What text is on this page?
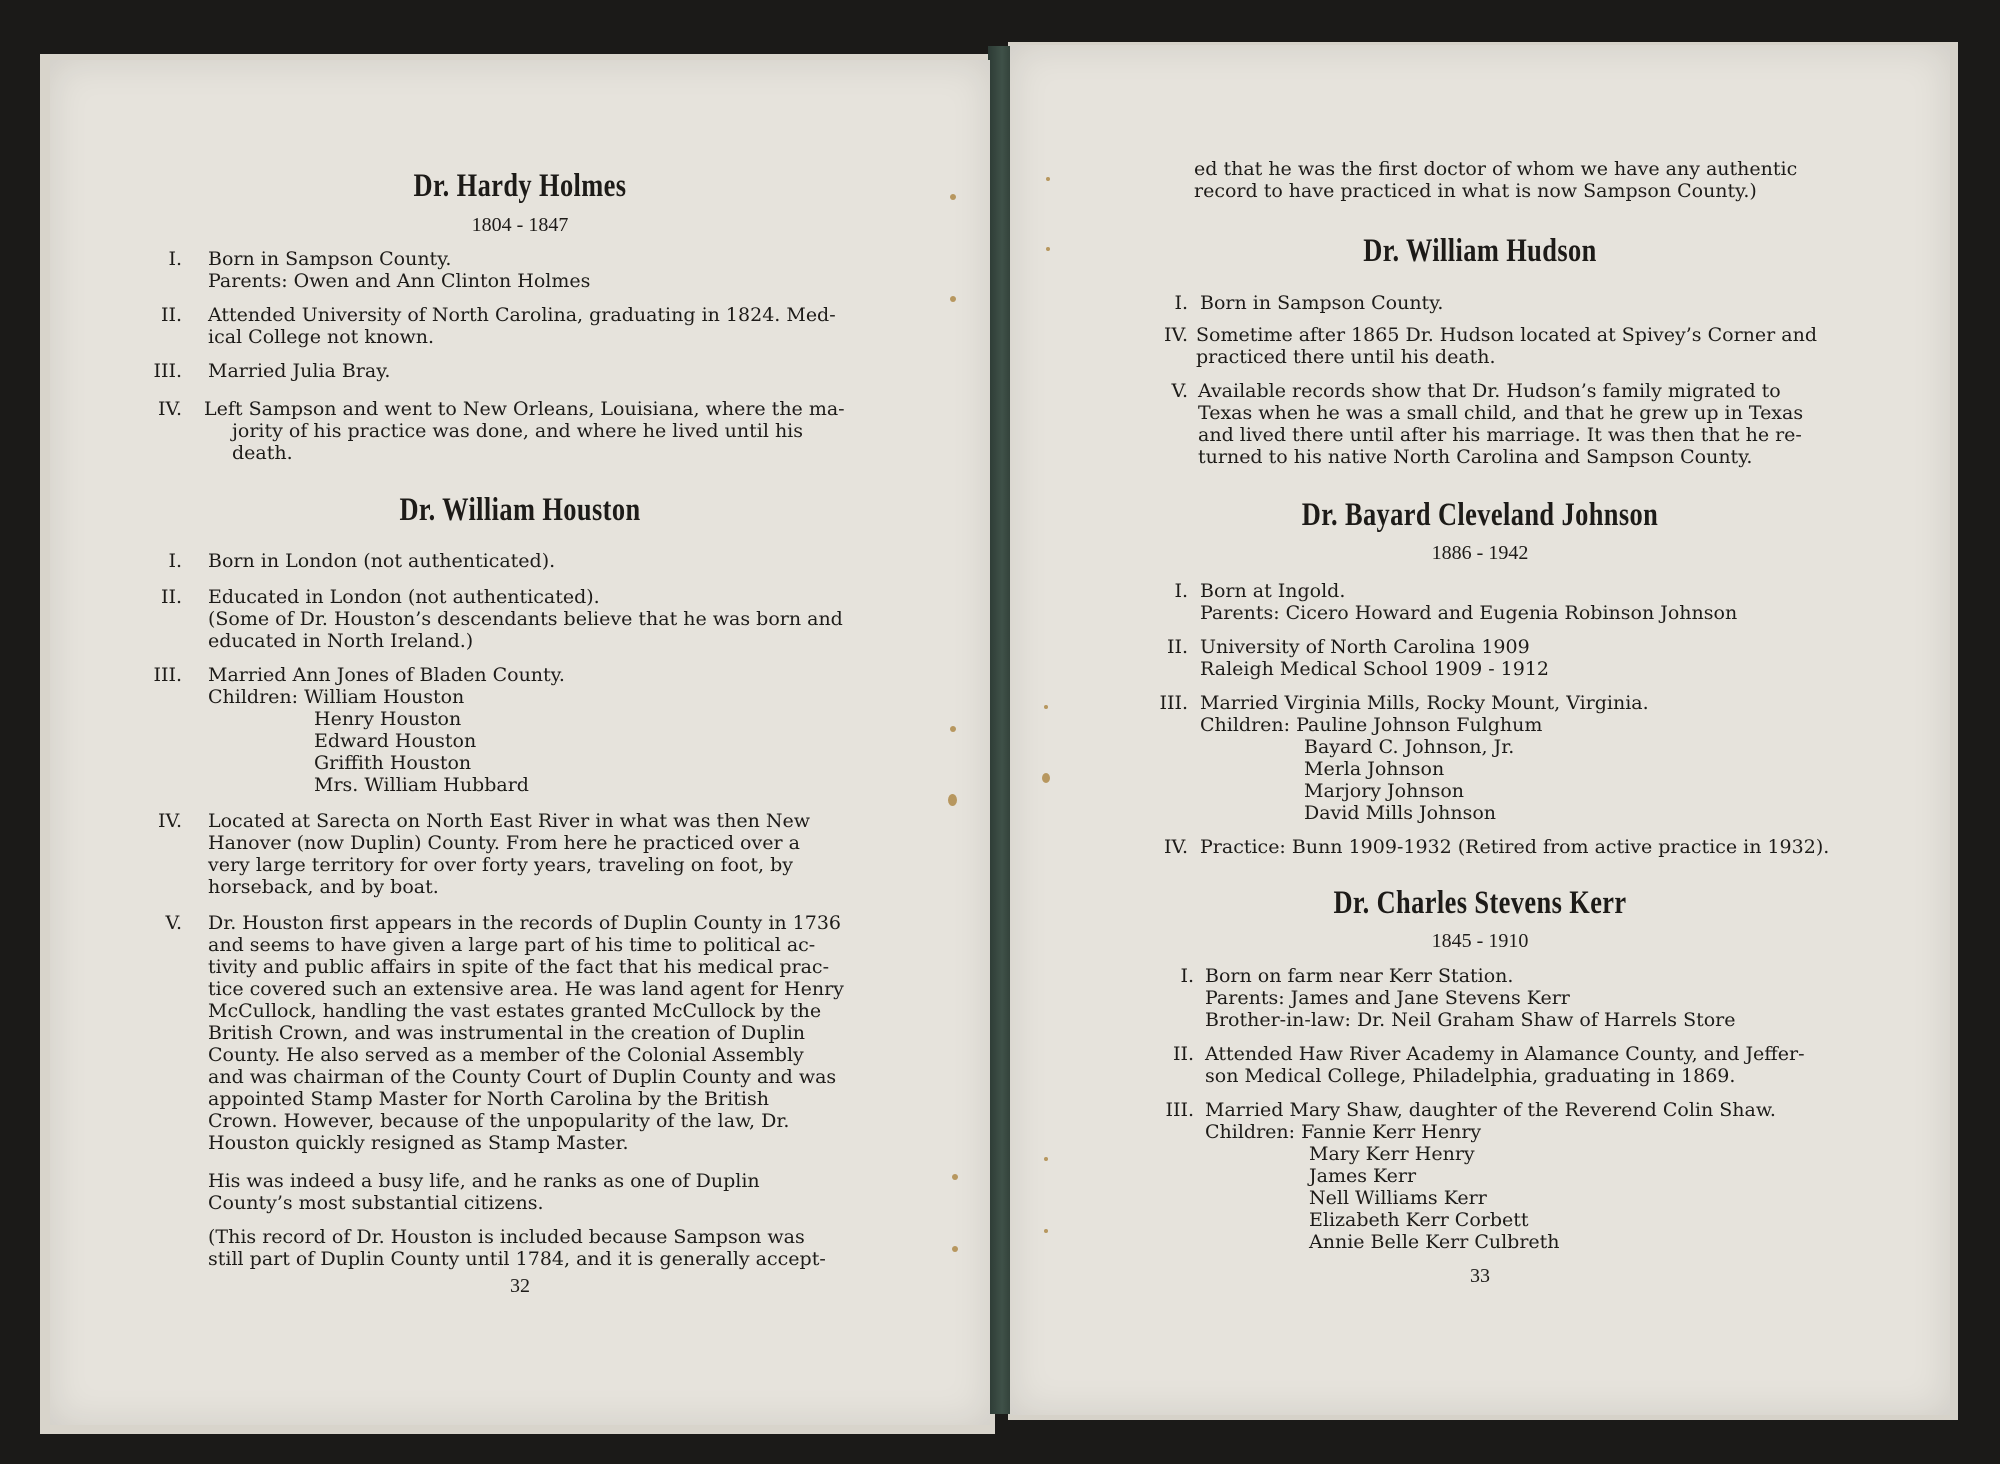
Dr. Hardy Holmes
1804 - 1847
I. Born in Sampson County.
Parents: Owen and Ann Clinton Holmes
II. Attended University of North Carolina, graduating in 1824. Med-
ical College not known.
III. Married Julia Bray.
IV. Left Sampson and went to New Orleans, Louisiana, where the ma-
jority of his practice was done, and where he lived until his
death.
Dr. William Houston
I. Born in London (not authenticated).
II. Educated in London (not authenticated).
(Some of Dr. Houston’s descendants believe that he was born and
educated in North Ireland.)
III. Married Ann Jones of Bladen County.
Children: William Houston
Henry Houston
Edward Houston
Griffith Houston
Mrs. William Hubbard
IV. Located at Sarecta on North East River in what was then New
Hanover (now Duplin) County. From here he practiced over a
very large territory for over forty years, traveling on foot, by
horseback, and by boat.
V. Dr. Houston first appears in the records of Duplin County in 1736
and seems to have given a large part of his time to political ac-
tivity and public affairs in spite of the fact that his medical prac-
tice covered such an extensive area. He was land agent for Henry
McCullock, handling the vast estates granted McCullock by the
British Crown, and was instrumental in the creation of Duplin
County. He also served as a member of the Colonial Assembly
and was chairman of the County Court of Duplin County and was
appointed Stamp Master for North Carolina by the British
Crown. However, because of the unpopularity of the law, Dr.
Houston quickly resigned as Stamp Master.
His was indeed a busy life, and he ranks as one of Duplin
County’s most substantial citizens.
(This record of Dr. Houston is included because Sampson was
still part of Duplin County until 1784, and it is generally accept-
32
ed that he was the first doctor of whom we have any authentic
record to have practiced in what is now Sampson County.)
Dr. William Hudson
I. Born in Sampson County.
IV. Sometime after 1865 Dr. Hudson located at Spivey’s Corner and
practiced there until his death.
V. Available records show that Dr. Hudson’s family migrated to
Texas when he was a small child, and that he grew up in Texas
and lived there until after his marriage. It was then that he re-
turned to his native North Carolina and Sampson County.
Dr. Bayard Cleveland Johnson
1886 - 1942
I. Born at Ingold.
Parents: Cicero Howard and Eugenia Robinson Johnson
II. University of North Carolina 1909
Raleigh Medical School 1909 - 1912
III. Married Virginia Mills, Rocky Mount, Virginia.
Children: Pauline Johnson Fulghum
Bayard C. Johnson, Jr.
Merla Johnson
Marjory Johnson
David Mills Johnson
IV. Practice: Bunn 1909-1932 (Retired from active practice in 1932).
Dr. Charles Stevens Kerr
1845 - 1910
I. Born on farm near Kerr Station.
Parents: James and Jane Stevens Kerr
Brother-in-law: Dr. Neil Graham Shaw of Harrels Store
II. Attended Haw River Academy in Alamance County, and Jeffer-
son Medical College, Philadelphia, graduating in 1869.
III. Married Mary Shaw, daughter of the Reverend Colin Shaw.
Children: Fannie Kerr Henry
Mary Kerr Henry
James Kerr
Nell Williams Kerr
Elizabeth Kerr Corbett
Annie Belle Kerr Culbreth
33
